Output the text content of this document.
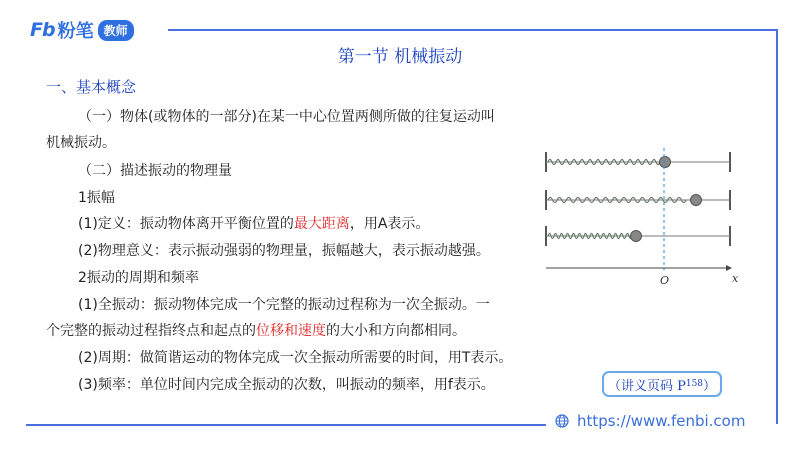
Fb 粉笔 教师
第一节 机械振动
一、基本概念
（一）物体(或物体的一部分)在某一中心位置两侧所做的往复运动叫
机械振动。
（二）描述振动的物理量
1振幅
(1)定义：振动物体离开平衡位置的最大距离，用A表示。
(2)物理意义：表示振动强弱的物理量，振幅越大，表示振动越强。
2振动的周期和频率
(1)全振动：振动物体完成一个完整的振动过程称为一次全振动。一
个完整的振动过程指终点和起点的位移和速度的大小和方向都相同。
(2)周期：做简谐运动的物体完成一次全振动所需要的时间，用T表示。
(3)频率：单位时间内完成全振动的次数，叫振动的频率，用f表示。
O	x
（讲义页码 P 158 ）
https://www.fenbi.com
